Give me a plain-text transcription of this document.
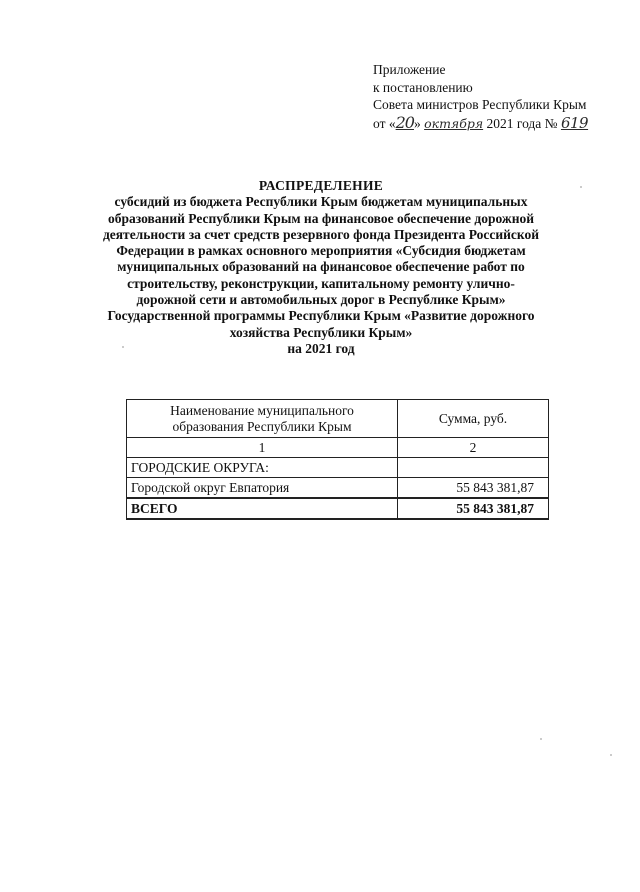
Приложение
к постановлению
Совета министров Республики Крым
от «20» октября 2021 года № 619
РАСПРЕДЕЛЕНИЕ
субсидий из бюджета Республики Крым бюджетам муниципальных образований Республики Крым на финансовое обеспечение дорожной деятельности за счет средств резервного фонда Президента Российской Федерации в рамках основного мероприятия «Субсидия бюджетам муниципальных образований на финансовое обеспечение работ по строительству, реконструкции, капитальному ремонту улично-дорожной сети и автомобильных дорог в Республике Крым» Государственной программы Республики Крым «Развитие дорожного хозяйства Республики Крым»
на 2021 год
Наименование муниципального
образования Республики Крым	Сумма, руб.
1	2
ГОРОДСКИЕ ОКРУГА:	
Городской округ Евпатория	55 843 381,87
ВСЕГО	55 843 381,87
